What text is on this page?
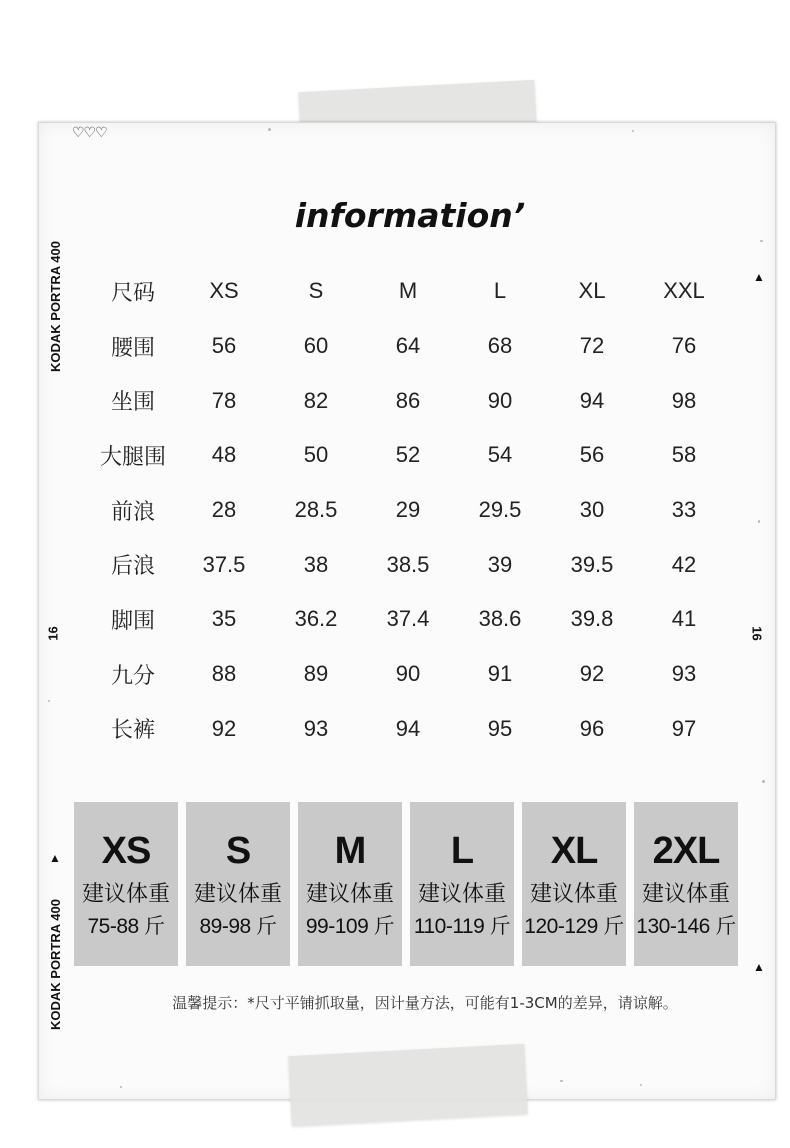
♡♡♡
information’
KODAK PORTRA 400
KODAK PORTRA 400
16	16
▲
▲
▲
尺码	XS	S	M	L	XL	XXL
腰围	56	60	64	68	72	76
坐围	78	82	86	90	94	98
大腿围	48	50	52	54	56	58
前浪	28	28.5	29	29.5	30	33
后浪	37.5	38	38.5	39	39.5	42
脚围	35	36.2	37.4	38.6	39.8	41
九分	88	89	90	91	92	93
长裤	92	93	94	95	96	97
XS
建议体重
75-88 斤
S
建议体重
89-98 斤
M
建议体重
99-109 斤
L
建议体重
110-119 斤
XL
建议体重
120-129 斤
2XL
建议体重
130-146 斤
温馨提示：*尺寸平铺抓取量，因计量方法，可能有1-3CM的差异，请谅解。
